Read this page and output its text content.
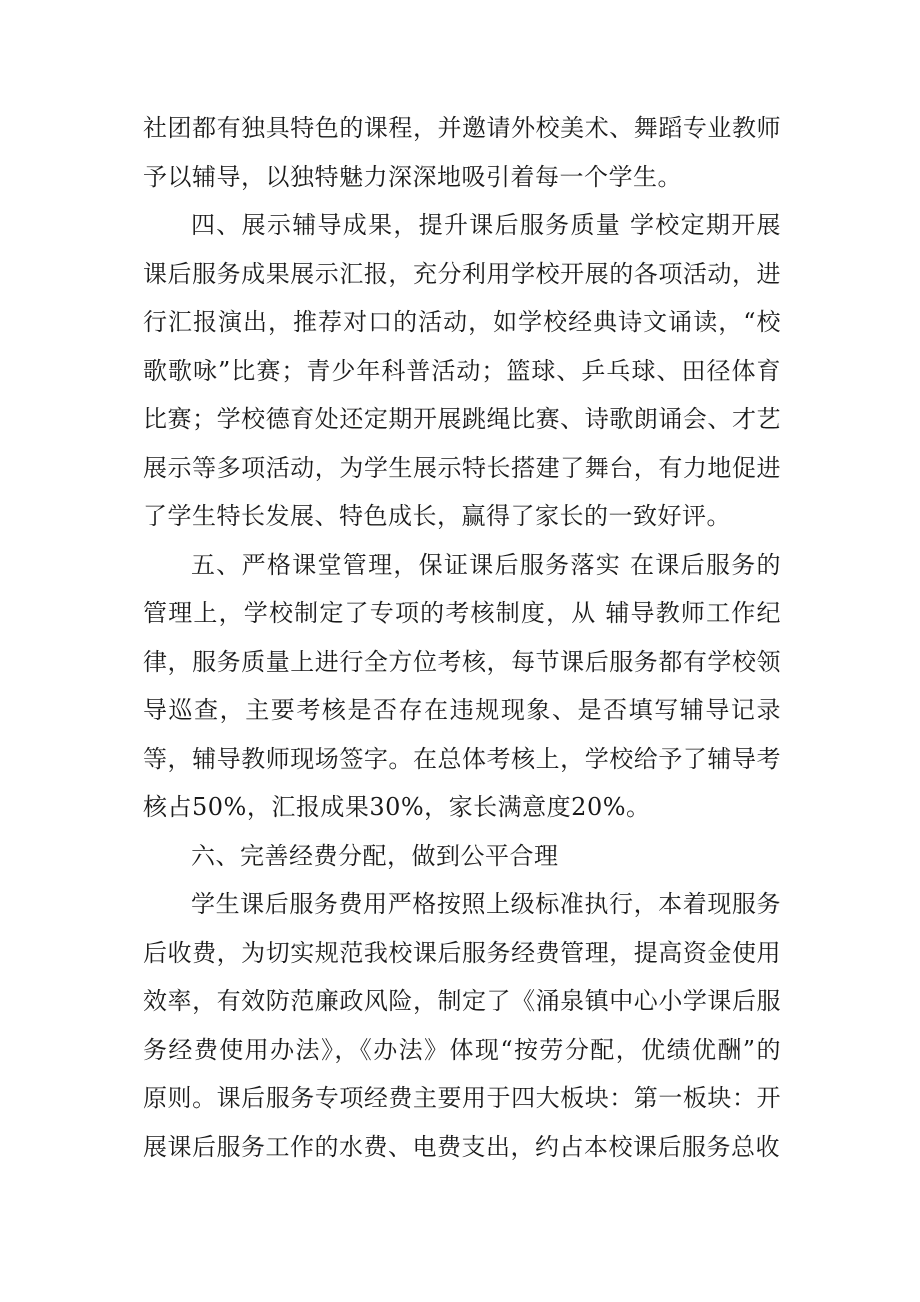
社团都有独具特色的课程，并邀请外校美术、舞蹈专业教师予以辅导，以独特魅力深深地吸引着每一个学生。

四、展示辅导成果，提升课后服务质量 学校定期开展课后服务成果展示汇报，充分利用学校开展的各项活动，进行汇报演出，推荐对口的活动，如学校经典诗文诵读，“校歌歌咏”比赛；青少年科普活动；篮球、乒乓球、田径体育比赛；学校德育处还定期开展跳绳比赛、诗歌朗诵会、才艺展示等多项活动，为学生展示特长搭建了舞台，有力地促进了学生特长发展、特色成长，赢得了家长的一致好评。

五、严格课堂管理，保证课后服务落实 在课后服务的管理上，学校制定了专项的考核制度，从 辅导教师工作纪律，服务质量上进行全方位考核，每节课后服务都有学校领导巡查，主要考核是否存在违规现象、是否填写辅导记录等，辅导教师现场签字。在总体考核上，学校给予了辅导考核占50%，汇报成果30%，家长满意度20%。

六、完善经费分配，做到公平合理

学生课后服务费用严格按照上级标准执行，本着现服务后收费，为切实规范我校课后服务经费管理，提高资金使用效率，有效防范廉政风险，制定了《涌泉镇中心小学课后服务经费使用办法》，《办法》体现“按劳分配，优绩优酬”的原则。课后服务专项经费主要用于四大板块：第一板块：开展课后服务工作的水费、电费支出，约占本校课后服务总收
